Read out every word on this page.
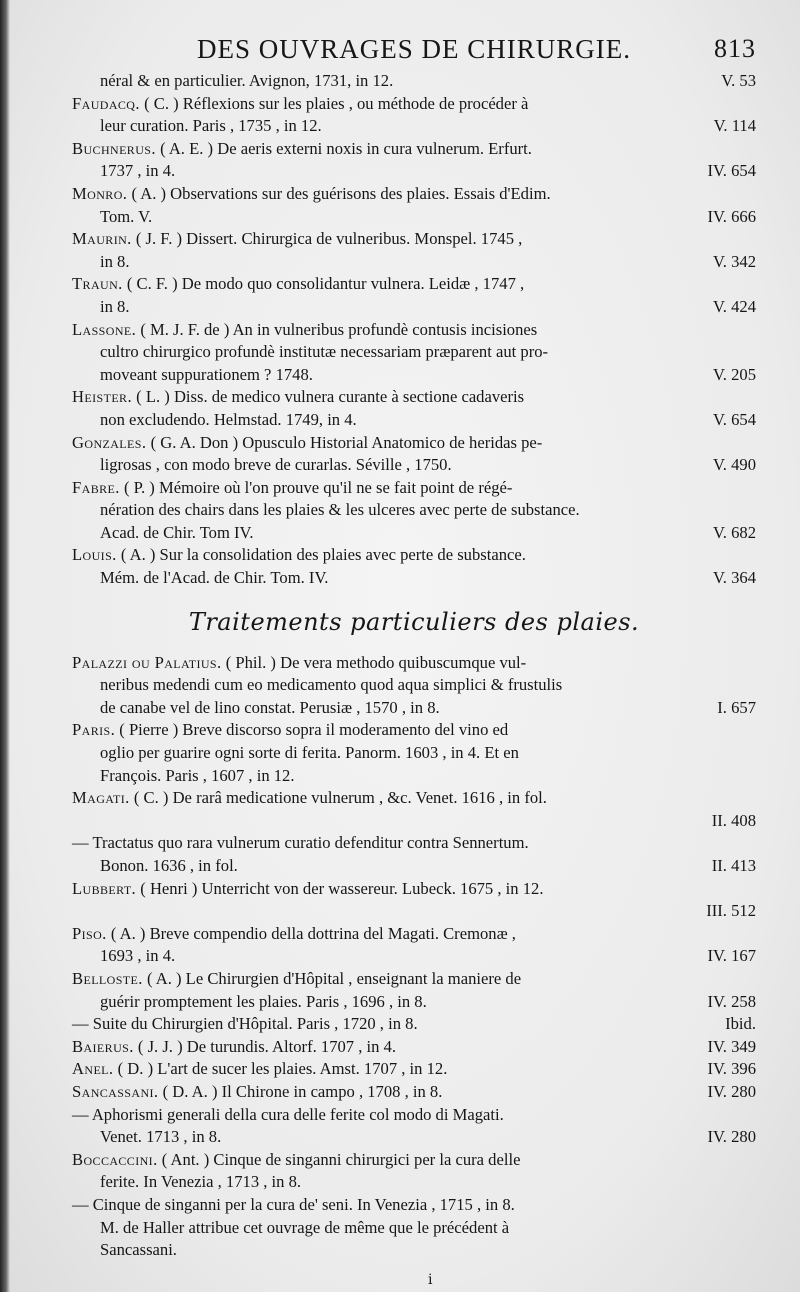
DES OUVRAGES DE CHIRURGIE.	813
néral & en particulier. Avignon, 1731, in 12.	V. 53
Faudacq. ( C. ) Réflexions sur les plaies , ou méthode de procéder à
leur curation. Paris , 1735 , in 12.	V. 114
Buchnerus. ( A. E. ) De aeris externi noxis in cura vulnerum. Erfurt.
1737 , in 4.	IV. 654
Monro. ( A. ) Observations sur des guérisons des plaies. Essais d'Edim.
Tom. V.	IV. 666
Maurin. ( J. F. ) Dissert. Chirurgica de vulneribus. Monspel. 1745 ,
in 8.	V. 342
Traun. ( C. F. ) De modo quo consolidantur vulnera. Leidæ , 1747 ,
in 8.	V. 424
Lassone. ( M. J. F. de ) An in vulneribus profundè contusis incisiones
cultro chirurgico profundè institutæ necessariam præparent aut pro-
moveant suppurationem ? 1748.	V. 205
Heister. ( L. ) Diss. de medico vulnera curante à sectione cadaveris
non excludendo. Helmstad. 1749, in 4.	V. 654
Gonzales. ( G. A. Don ) Opusculo Historial Anatomico de heridas pe-
ligrosas , con modo breve de curarlas. Séville , 1750.	V. 490
Fabre. ( P. ) Mémoire où l'on prouve qu'il ne se fait point de régé-
nération des chairs dans les plaies & les ulceres avec perte de substance.
Acad. de Chir. Tom IV.	V. 682
Louis. ( A. ) Sur la consolidation des plaies avec perte de substance.
Mém. de l'Acad. de Chir. Tom. IV.	V. 364
Traitements particuliers des plaies.
Palazzi ou Palatius. ( Phil. ) De vera methodo quibuscumque vul-
neribus medendi cum eo medicamento quod aqua simplici & frustulis
de canabe vel de lino constat. Perusiæ , 1570 , in 8.	I. 657
Paris. ( Pierre ) Breve discorso sopra il moderamento del vino ed
oglio per guarire ogni sorte di ferita. Panorm. 1603 , in 4. Et en
François. Paris , 1607 , in 12.
Magati. ( C. ) De rarâ medicatione vulnerum , &c. Venet. 1616 , in fol.
II. 408
— Tractatus quo rara vulnerum curatio defenditur contra Sennertum.
Bonon. 1636 , in fol.	II. 413
Lubbert. ( Henri ) Unterricht von der wassereur. Lubeck. 1675 , in 12.
III. 512
Piso. ( A. ) Breve compendio della dottrina del Magati. Cremonæ ,
1693 , in 4.	IV. 167
Belloste. ( A. ) Le Chirurgien d'Hôpital , enseignant la maniere de
guérir promptement les plaies. Paris , 1696 , in 8.	IV. 258
— Suite du Chirurgien d'Hôpital. Paris , 1720 , in 8.	Ibid.
Baierus. ( J. J. ) De turundis. Altorf. 1707 , in 4.	IV. 349
Anel. ( D. ) L'art de sucer les plaies. Amst. 1707 , in 12.	IV. 396
Sancassani. ( D. A. ) Il Chirone in campo , 1708 , in 8.	IV. 280
— Aphorismi generali della cura delle ferite col modo di Magati.
Venet. 1713 , in 8.	IV. 280
Boccaccini. ( Ant. ) Cinque de singanni chirurgici per la cura delle
ferite. In Venezia , 1713 , in 8.
— Cinque de singanni per la cura de' seni. In Venezia , 1715 , in 8.
M. de Haller attribue cet ouvrage de même que le précédent à
Sancassani.
i
